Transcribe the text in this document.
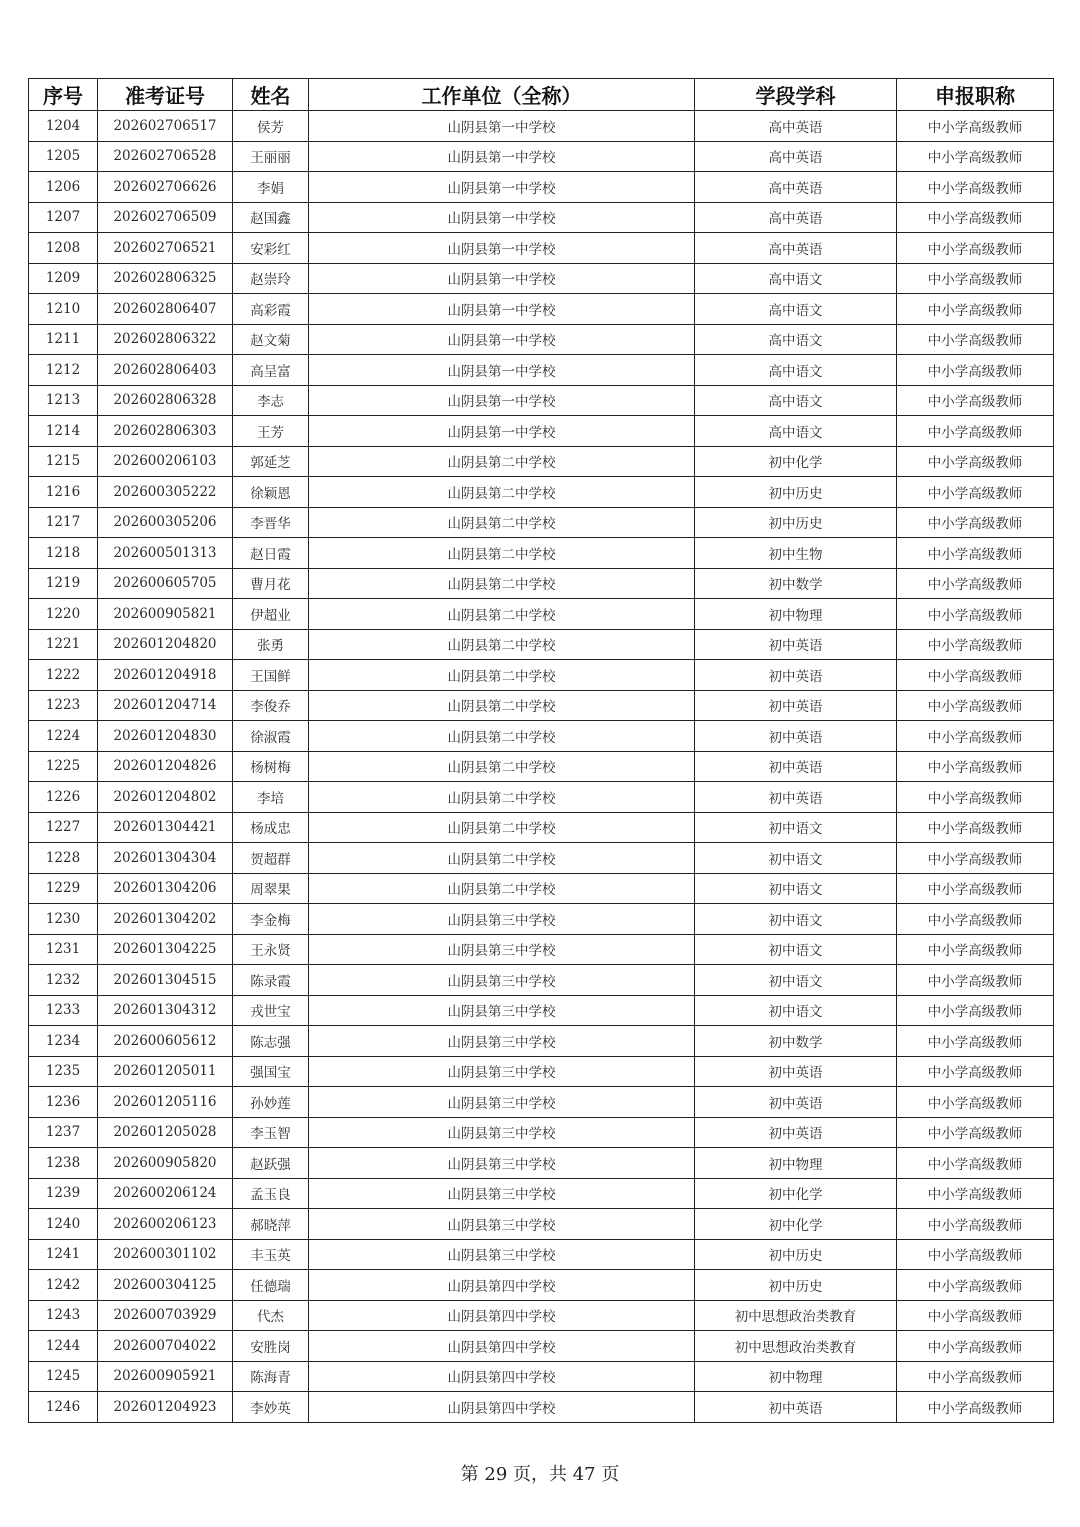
序号	准考证号	姓名	工作单位（全称）	学段学科	申报职称
1204	202602706517	侯芳	山阴县第一中学校	高中英语	中小学高级教师
1205	202602706528	王丽丽	山阴县第一中学校	高中英语	中小学高级教师
1206	202602706626	李娟	山阴县第一中学校	高中英语	中小学高级教师
1207	202602706509	赵国鑫	山阴县第一中学校	高中英语	中小学高级教师
1208	202602706521	安彩红	山阴县第一中学校	高中英语	中小学高级教师
1209	202602806325	赵崇玲	山阴县第一中学校	高中语文	中小学高级教师
1210	202602806407	高彩霞	山阴县第一中学校	高中语文	中小学高级教师
1211	202602806322	赵文菊	山阴县第一中学校	高中语文	中小学高级教师
1212	202602806403	高呈富	山阴县第一中学校	高中语文	中小学高级教师
1213	202602806328	李志	山阴县第一中学校	高中语文	中小学高级教师
1214	202602806303	王芳	山阴县第一中学校	高中语文	中小学高级教师
1215	202600206103	郭延芝	山阴县第二中学校	初中化学	中小学高级教师
1216	202600305222	徐颖恩	山阴县第二中学校	初中历史	中小学高级教师
1217	202600305206	李晋华	山阴县第二中学校	初中历史	中小学高级教师
1218	202600501313	赵日霞	山阴县第二中学校	初中生物	中小学高级教师
1219	202600605705	曹月花	山阴县第二中学校	初中数学	中小学高级教师
1220	202600905821	伊超业	山阴县第二中学校	初中物理	中小学高级教师
1221	202601204820	张勇	山阴县第二中学校	初中英语	中小学高级教师
1222	202601204918	王国鲜	山阴县第二中学校	初中英语	中小学高级教师
1223	202601204714	李俊乔	山阴县第二中学校	初中英语	中小学高级教师
1224	202601204830	徐淑霞	山阴县第二中学校	初中英语	中小学高级教师
1225	202601204826	杨树梅	山阴县第二中学校	初中英语	中小学高级教师
1226	202601204802	李培	山阴县第二中学校	初中英语	中小学高级教师
1227	202601304421	杨成忠	山阴县第二中学校	初中语文	中小学高级教师
1228	202601304304	贺超群	山阴县第二中学校	初中语文	中小学高级教师
1229	202601304206	周翠果	山阴县第二中学校	初中语文	中小学高级教师
1230	202601304202	李金梅	山阴县第三中学校	初中语文	中小学高级教师
1231	202601304225	王永贤	山阴县第三中学校	初中语文	中小学高级教师
1232	202601304515	陈录霞	山阴县第三中学校	初中语文	中小学高级教师
1233	202601304312	戎世宝	山阴县第三中学校	初中语文	中小学高级教师
1234	202600605612	陈志强	山阴县第三中学校	初中数学	中小学高级教师
1235	202601205011	强国宝	山阴县第三中学校	初中英语	中小学高级教师
1236	202601205116	孙妙莲	山阴县第三中学校	初中英语	中小学高级教师
1237	202601205028	李玉智	山阴县第三中学校	初中英语	中小学高级教师
1238	202600905820	赵跃强	山阴县第三中学校	初中物理	中小学高级教师
1239	202600206124	孟玉良	山阴县第三中学校	初中化学	中小学高级教师
1240	202600206123	郝晓萍	山阴县第三中学校	初中化学	中小学高级教师
1241	202600301102	丰玉英	山阴县第三中学校	初中历史	中小学高级教师
1242	202600304125	任德瑞	山阴县第四中学校	初中历史	中小学高级教师
1243	202600703929	代杰	山阴县第四中学校	初中思想政治类教育	中小学高级教师
1244	202600704022	安胜岗	山阴县第四中学校	初中思想政治类教育	中小学高级教师
1245	202600905921	陈海青	山阴县第四中学校	初中物理	中小学高级教师
1246	202601204923	李妙英	山阴县第四中学校	初中英语	中小学高级教师
第 29 页，共 47 页
